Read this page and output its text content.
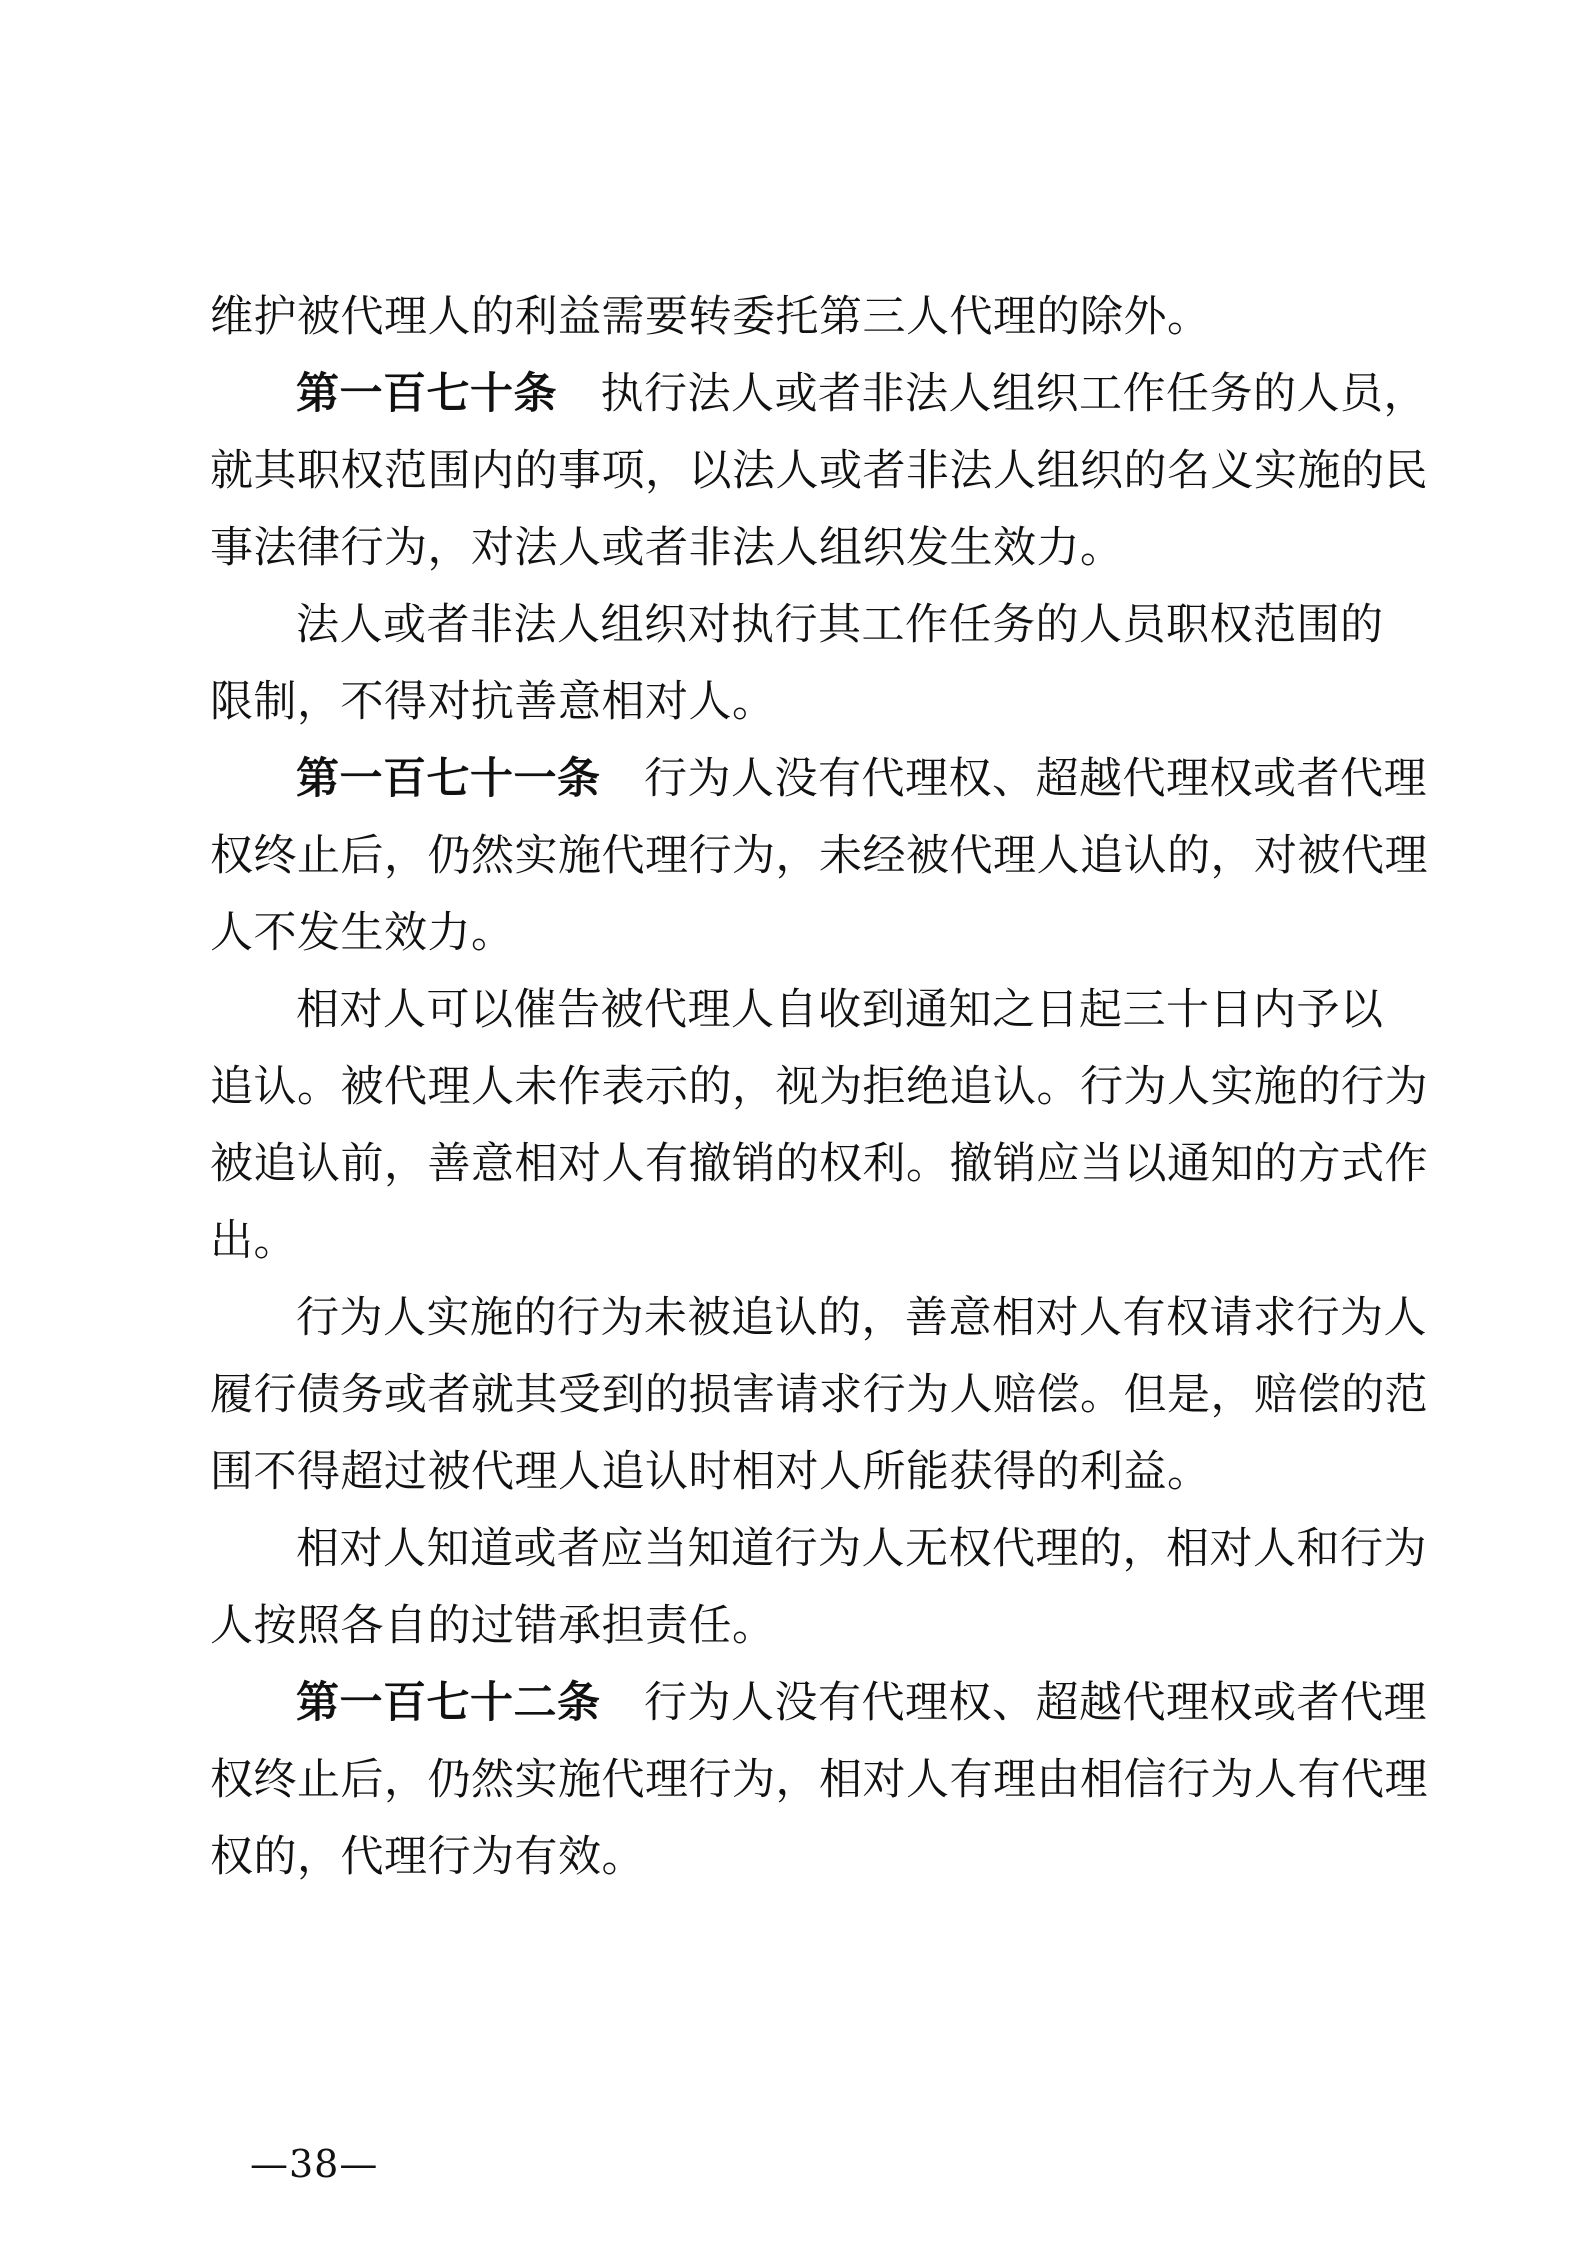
维护被代理人的利益需要转委托第三人代理的除外。
第一百七十条　执行法人或者非法人组织工作任务的人员，
就其职权范围内的事项，以法人或者非法人组织的名义实施的民
事法律行为，对法人或者非法人组织发生效力。
法人或者非法人组织对执行其工作任务的人员职权范围的
限制，不得对抗善意相对人。
第一百七十一条　行为人没有代理权、超越代理权或者代理
权终止后，仍然实施代理行为，未经被代理人追认的，对被代理
人不发生效力。
相对人可以催告被代理人自收到通知之日起三十日内予以
追认。被代理人未作表示的，视为拒绝追认。行为人实施的行为
被追认前，善意相对人有撤销的权利。撤销应当以通知的方式作
出。
行为人实施的行为未被追认的，善意相对人有权请求行为人
履行债务或者就其受到的损害请求行为人赔偿。但是，赔偿的范
围不得超过被代理人追认时相对人所能获得的利益。
相对人知道或者应当知道行为人无权代理的，相对人和行为
人按照各自的过错承担责任。
第一百七十二条　行为人没有代理权、超越代理权或者代理
权终止后，仍然实施代理行为，相对人有理由相信行为人有代理
权的，代理行为有效。
—38—
